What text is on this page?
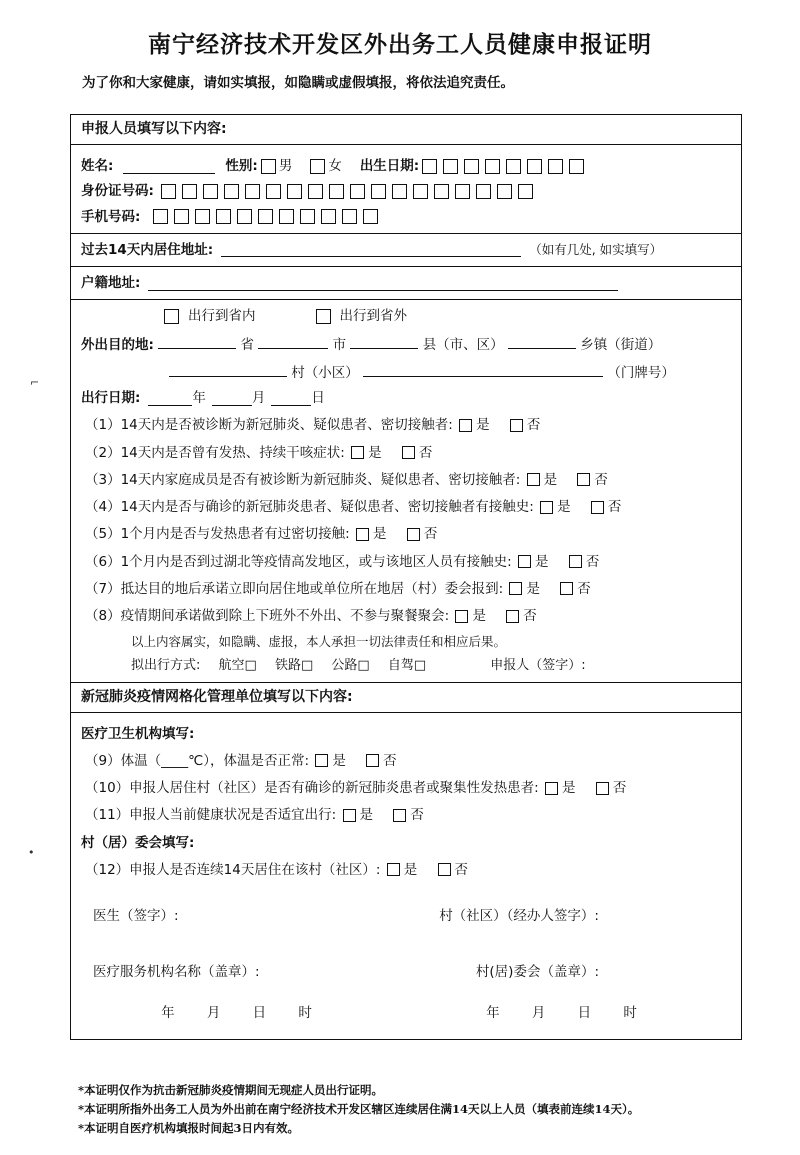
南宁经济技术开发区外出务工人员健康申报证明
为了你和大家健康，请如实填报，如隐瞒或虚假填报，将依法追究责任。
⌐
•
申报人员填写以下内容:
姓名:	性别: 男	女 出生日期:
身份证号码:
手机号码:
过去14天内居住地址:	（如有几处, 如实填写）
户籍地址:
出行到省内	出行到省外
外出目的地:	省	市	县（市、区）	乡镇（街道）
村（小区）	（门牌号）
出行日期:	年	月	日
（1）14天内是否被诊断为新冠肺炎、疑似患者、密切接触者: 是	否
（2）14天内是否曾有发热、持续干咳症状: 是	否
（3）14天内家庭成员是否有被诊断为新冠肺炎、疑似患者、密切接触者: 是	否
（4）14天内是否与确诊的新冠肺炎患者、疑似患者、密切接触者有接触史: 是	否
（5）1个月内是否与发热患者有过密切接触: 是	否
（6）1个月内是否到过湖北等疫情高发地区，或与该地区人员有接触史: 是	否
（7）抵达目的地后承诺立即向居住地或单位所在地居（村）委会报到: 是	否
（8）疫情期间承诺做到除上下班外不外出、不参与聚餐聚会: 是	否
以上内容属实，如隐瞒、虚报，本人承担一切法律责任和相应后果。
拟出行方式: 航空□ 铁路□ 公路□ 自驾□	申报人（签字）:
新冠肺炎疫情网格化管理单位填写以下内容:
医疗卫生机构填写:
（9）体温（____℃），体温是否正常: 是	否
（10）申报人居住村（社区）是否有确诊的新冠肺炎患者或聚集性发热患者: 是	否
（11）申报人当前健康状况是否适宜出行: 是	否
村（居）委会填写:
（12）申报人是否连续14天居住在该村（社区）: 是	否
医生（签字）:	村（社区）（经办人签字）:
医疗服务机构名称（盖章）:	村(居)委会（盖章）:
年 月 日 时	年 月 日 时
*本证明仅作为抗击新冠肺炎疫情期间无现症人员出行证明。
*本证明所指外出务工人员为外出前在南宁经济技术开发区辖区连续居住满14天以上人员（填表前连续14天）。
*本证明自医疗机构填报时间起3日内有效。
